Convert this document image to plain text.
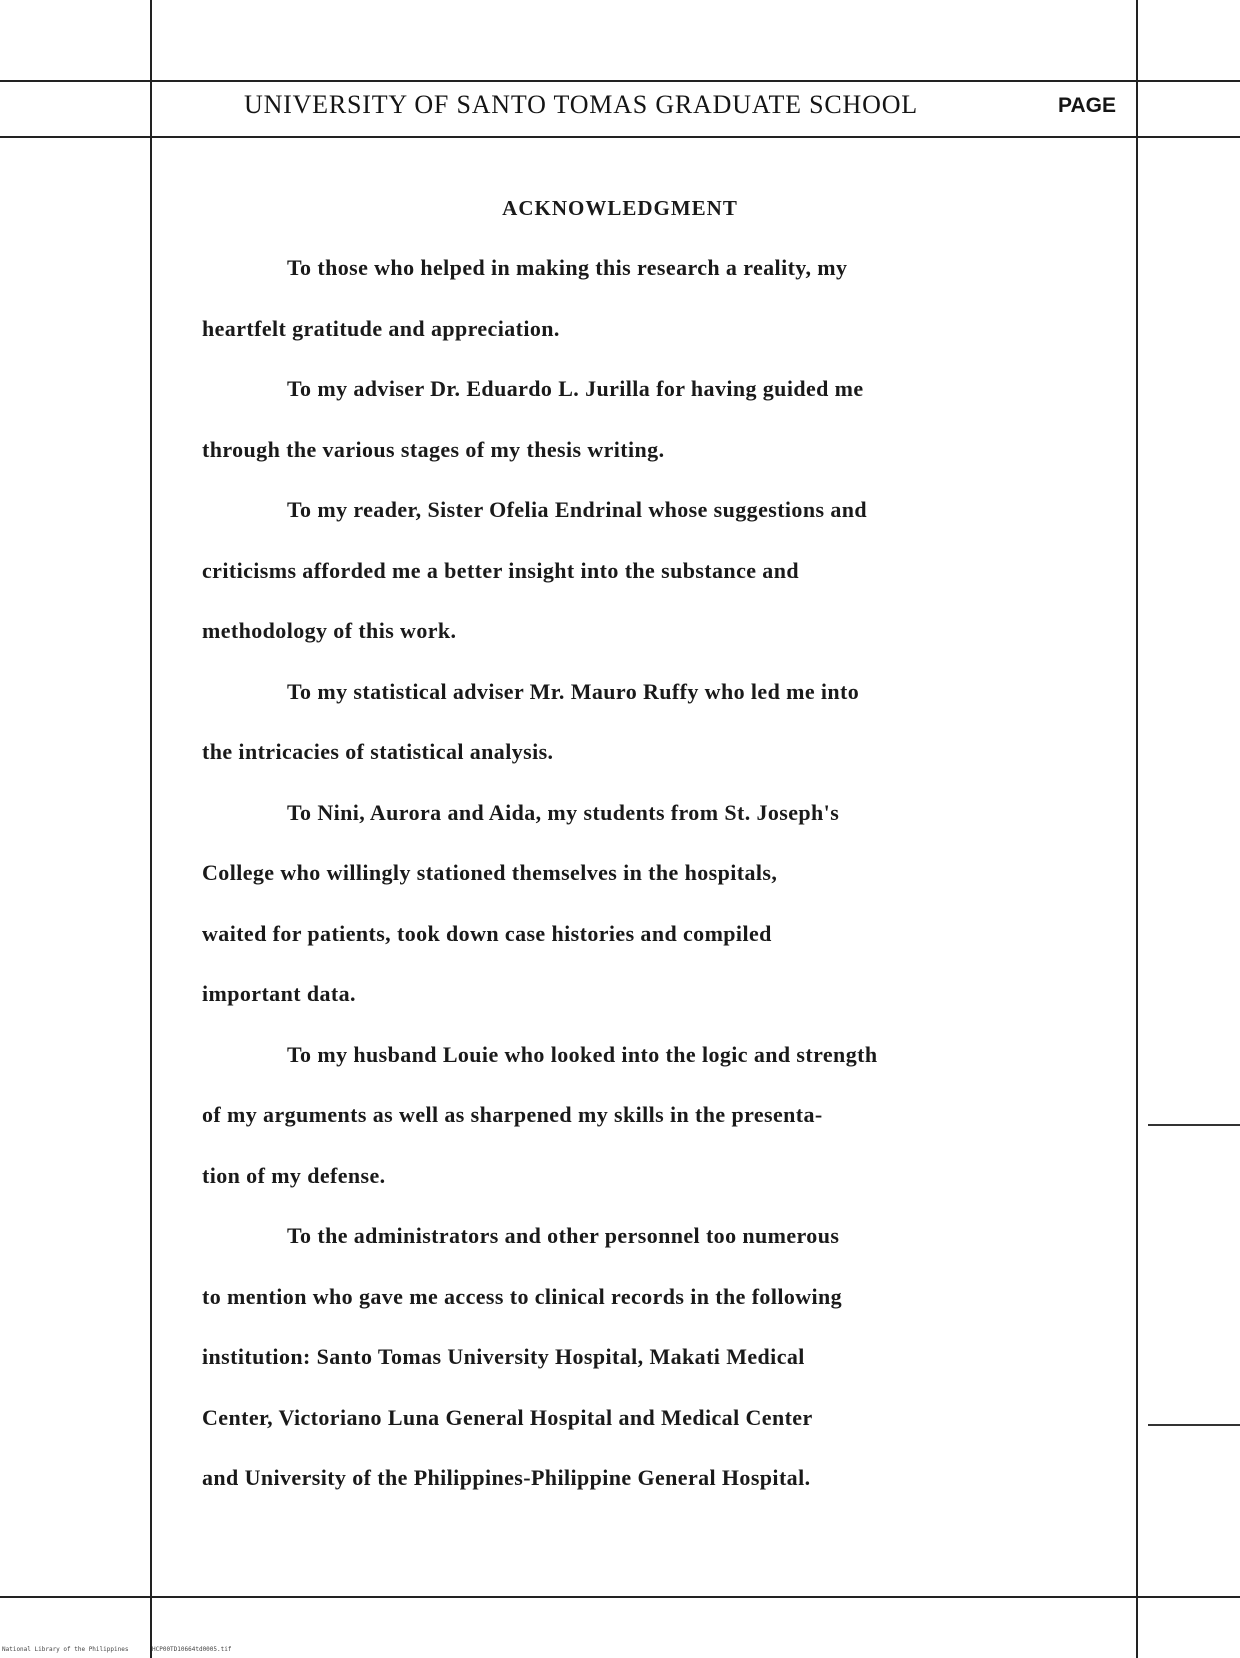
UNIVERSITY OF SANTO TOMAS GRADUATE SCHOOL	PAGE
ACKNOWLEDGMENT
To those who helped in making this research a reality, my
heartfelt gratitude and appreciation.
To my adviser Dr. Eduardo L. Jurilla for having guided me
through the various stages of my thesis writing.
To my reader, Sister Ofelia Endrinal whose suggestions and
criticisms afforded me a better insight into the substance and
methodology of this work.
To my statistical adviser Mr. Mauro Ruffy who led me into
the intricacies of statistical analysis.
To Nini, Aurora and Aida, my students from St. Joseph's
College who willingly stationed themselves in the hospitals,
waited for patients, took down case histories and compiled
important data.
To my husband Louie who looked into the logic and strength
of my arguments as well as sharpened my skills in the presenta-
tion of my defense.
To the administrators and other personnel too numerous
to mention who gave me access to clinical records in the following
institution: Santo Tomas University Hospital, Makati Medical
Center, Victoriano Luna General Hospital and Medical Center
and University of the Philippines-Philippine General Hospital.
National Library of the Philippines	HCP00TD10664td0005.tif
